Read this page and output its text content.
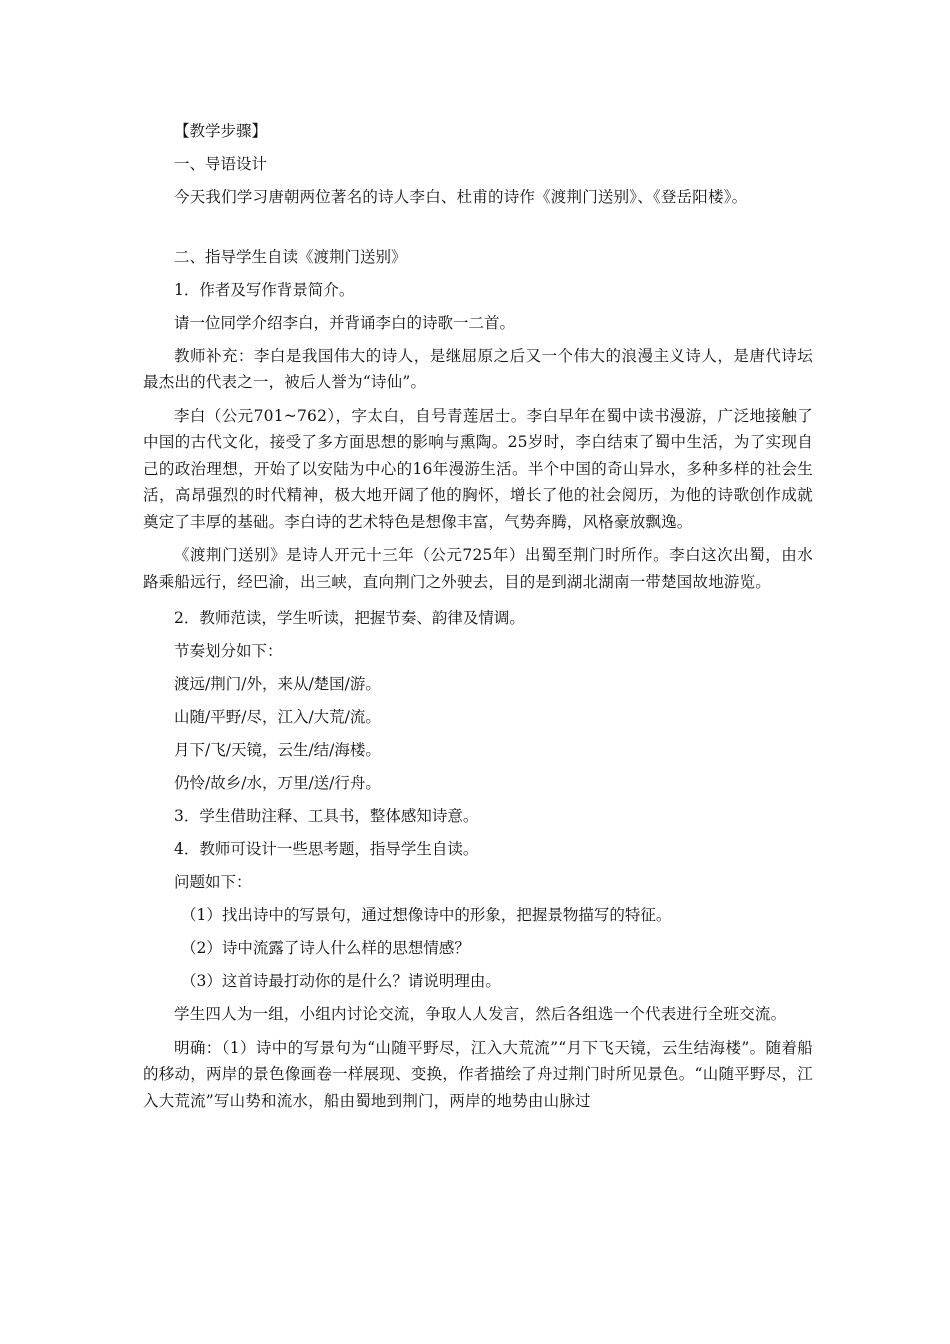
【教学步骤】

一、导语设计

今天我们学习唐朝两位著名的诗人李白、杜甫的诗作《渡荆门送别》、《登岳阳楼》。

二、指导学生自读《渡荆门送别》

1．作者及写作背景简介。

请一位同学介绍李白，并背诵李白的诗歌一二首。

教师补充：李白是我国伟大的诗人，是继屈原之后又一个伟大的浪漫主义诗人，是唐代诗坛最杰出的代表之一，被后人誉为“诗仙”。

李白（公元701~762），字太白，自号青莲居士。李白早年在蜀中读书漫游，广泛地接触了中国的古代文化，接受了多方面思想的影响与熏陶。25岁时，李白结束了蜀中生活，为了实现自己的政治理想，开始了以安陆为中心的16年漫游生活。半个中国的奇山异水，多种多样的社会生活，高昂强烈的时代精神，极大地开阔了他的胸怀，增长了他的社会阅历，为他的诗歌创作成就奠定了丰厚的基础。李白诗的艺术特色是想像丰富，气势奔腾，风格豪放飘逸。

《渡荆门送别》是诗人开元十三年（公元725年）出蜀至荆门时所作。李白这次出蜀，由水路乘船远行，经巴渝，出三峡，直向荆门之外驶去，目的是到湖北湖南一带楚国故地游览。

2．教师范读，学生听读，把握节奏、韵律及情调。

节奏划分如下：

渡远/荆门/外，来从/楚国/游。

山随/平野/尽，江入/大荒/流。

月下/飞/天镜，云生/结/海楼。

仍怜/故乡/水，万里/送/行舟。

3．学生借助注释、工具书，整体感知诗意。

4．教师可设计一些思考题，指导学生自读。

问题如下：

（1）找出诗中的写景句，通过想像诗中的形象，把握景物描写的特征。

（2）诗中流露了诗人什么样的思想情感？

（3）这首诗最打动你的是什么？请说明理由。

学生四人为一组，小组内讨论交流，争取人人发言，然后各组选一个代表进行全班交流。

明确：（1）诗中的写景句为“山随平野尽，江入大荒流”“月下飞天镜，云生结海楼”。随着船的移动，两岸的景色像画卷一样展现、变换，作者描绘了舟过荆门时所见景色。“山随平野尽，江入大荒流”写山势和流水，船由蜀地到荆门，两岸的地势由山脉过
